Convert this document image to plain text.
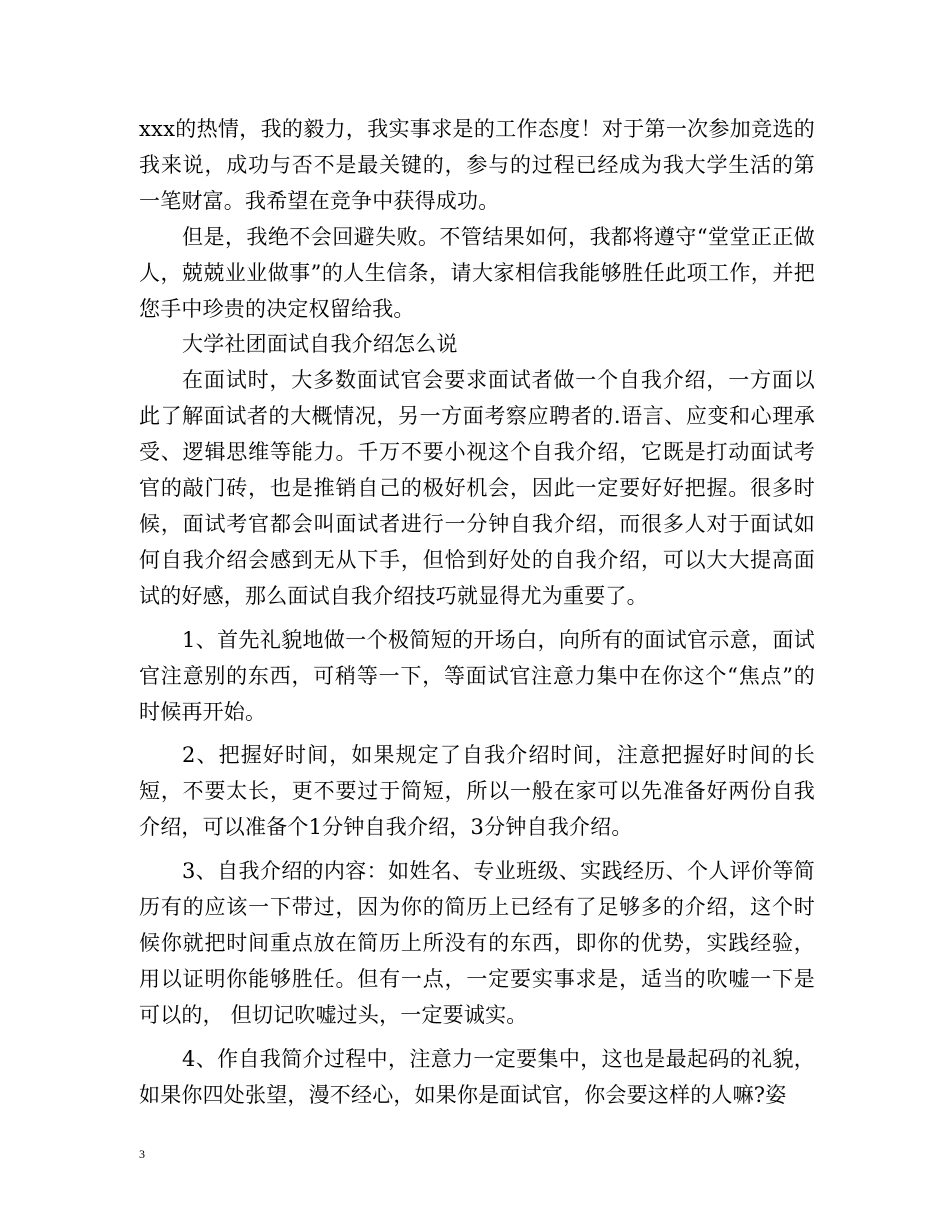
xxx的热情，我的毅力，我实事求是的工作态度！对于第一次参加竞选的我来说，成功与否不是最关键的，参与的过程已经成为我大学生活的第一笔财富。我希望在竞争中获得成功。

但是，我绝不会回避失败。不管结果如何，我都将遵守“堂堂正正做人，兢兢业业做事”的人生信条，请大家相信我能够胜任此项工作，并把您手中珍贵的决定权留给我。

大学社团面试自我介绍怎么说

在面试时，大多数面试官会要求面试者做一个自我介绍，一方面以此了解面试者的大概情况，另一方面考察应聘者的.语言、应变和心理承受、逻辑思维等能力。千万不要小视这个自我介绍，它既是打动面试考官的敲门砖，也是推销自己的极好机会，因此一定要好好把握。很多时候，面试考官都会叫面试者进行一分钟自我介绍，而很多人对于面试如何自我介绍会感到无从下手，但恰到好处的自我介绍，可以大大提高面试的好感，那么面试自我介绍技巧就显得尤为重要了。

1、首先礼貌地做一个极简短的开场白，向所有的面试官示意，面试官注意别的东西，可稍等一下，等面试官注意力集中在你这个“焦点”的时候再开始。

2、把握好时间，如果规定了自我介绍时间，注意把握好时间的长短，不要太长，更不要过于简短，所以一般在家可以先准备好两份自我介绍，可以准备个1分钟自我介绍，3分钟自我介绍。

3、自我介绍的内容：如姓名、专业班级、实践经历、个人评价等简历有的应该一下带过，因为你的简历上已经有了足够多的介绍，这个时候你就把时间重点放在简历上所没有的东西，即你的优势，实践经验，用以证明你能够胜任。但有一点，一定要实事求是，适当的吹嘘一下是可以的， 但切记吹嘘过头，一定要诚实。

4、作自我简介过程中，注意力一定要集中，这也是最起码的礼貌，如果你四处张望，漫不经心，如果你是面试官，你会要这样的人嘛?姿

3
